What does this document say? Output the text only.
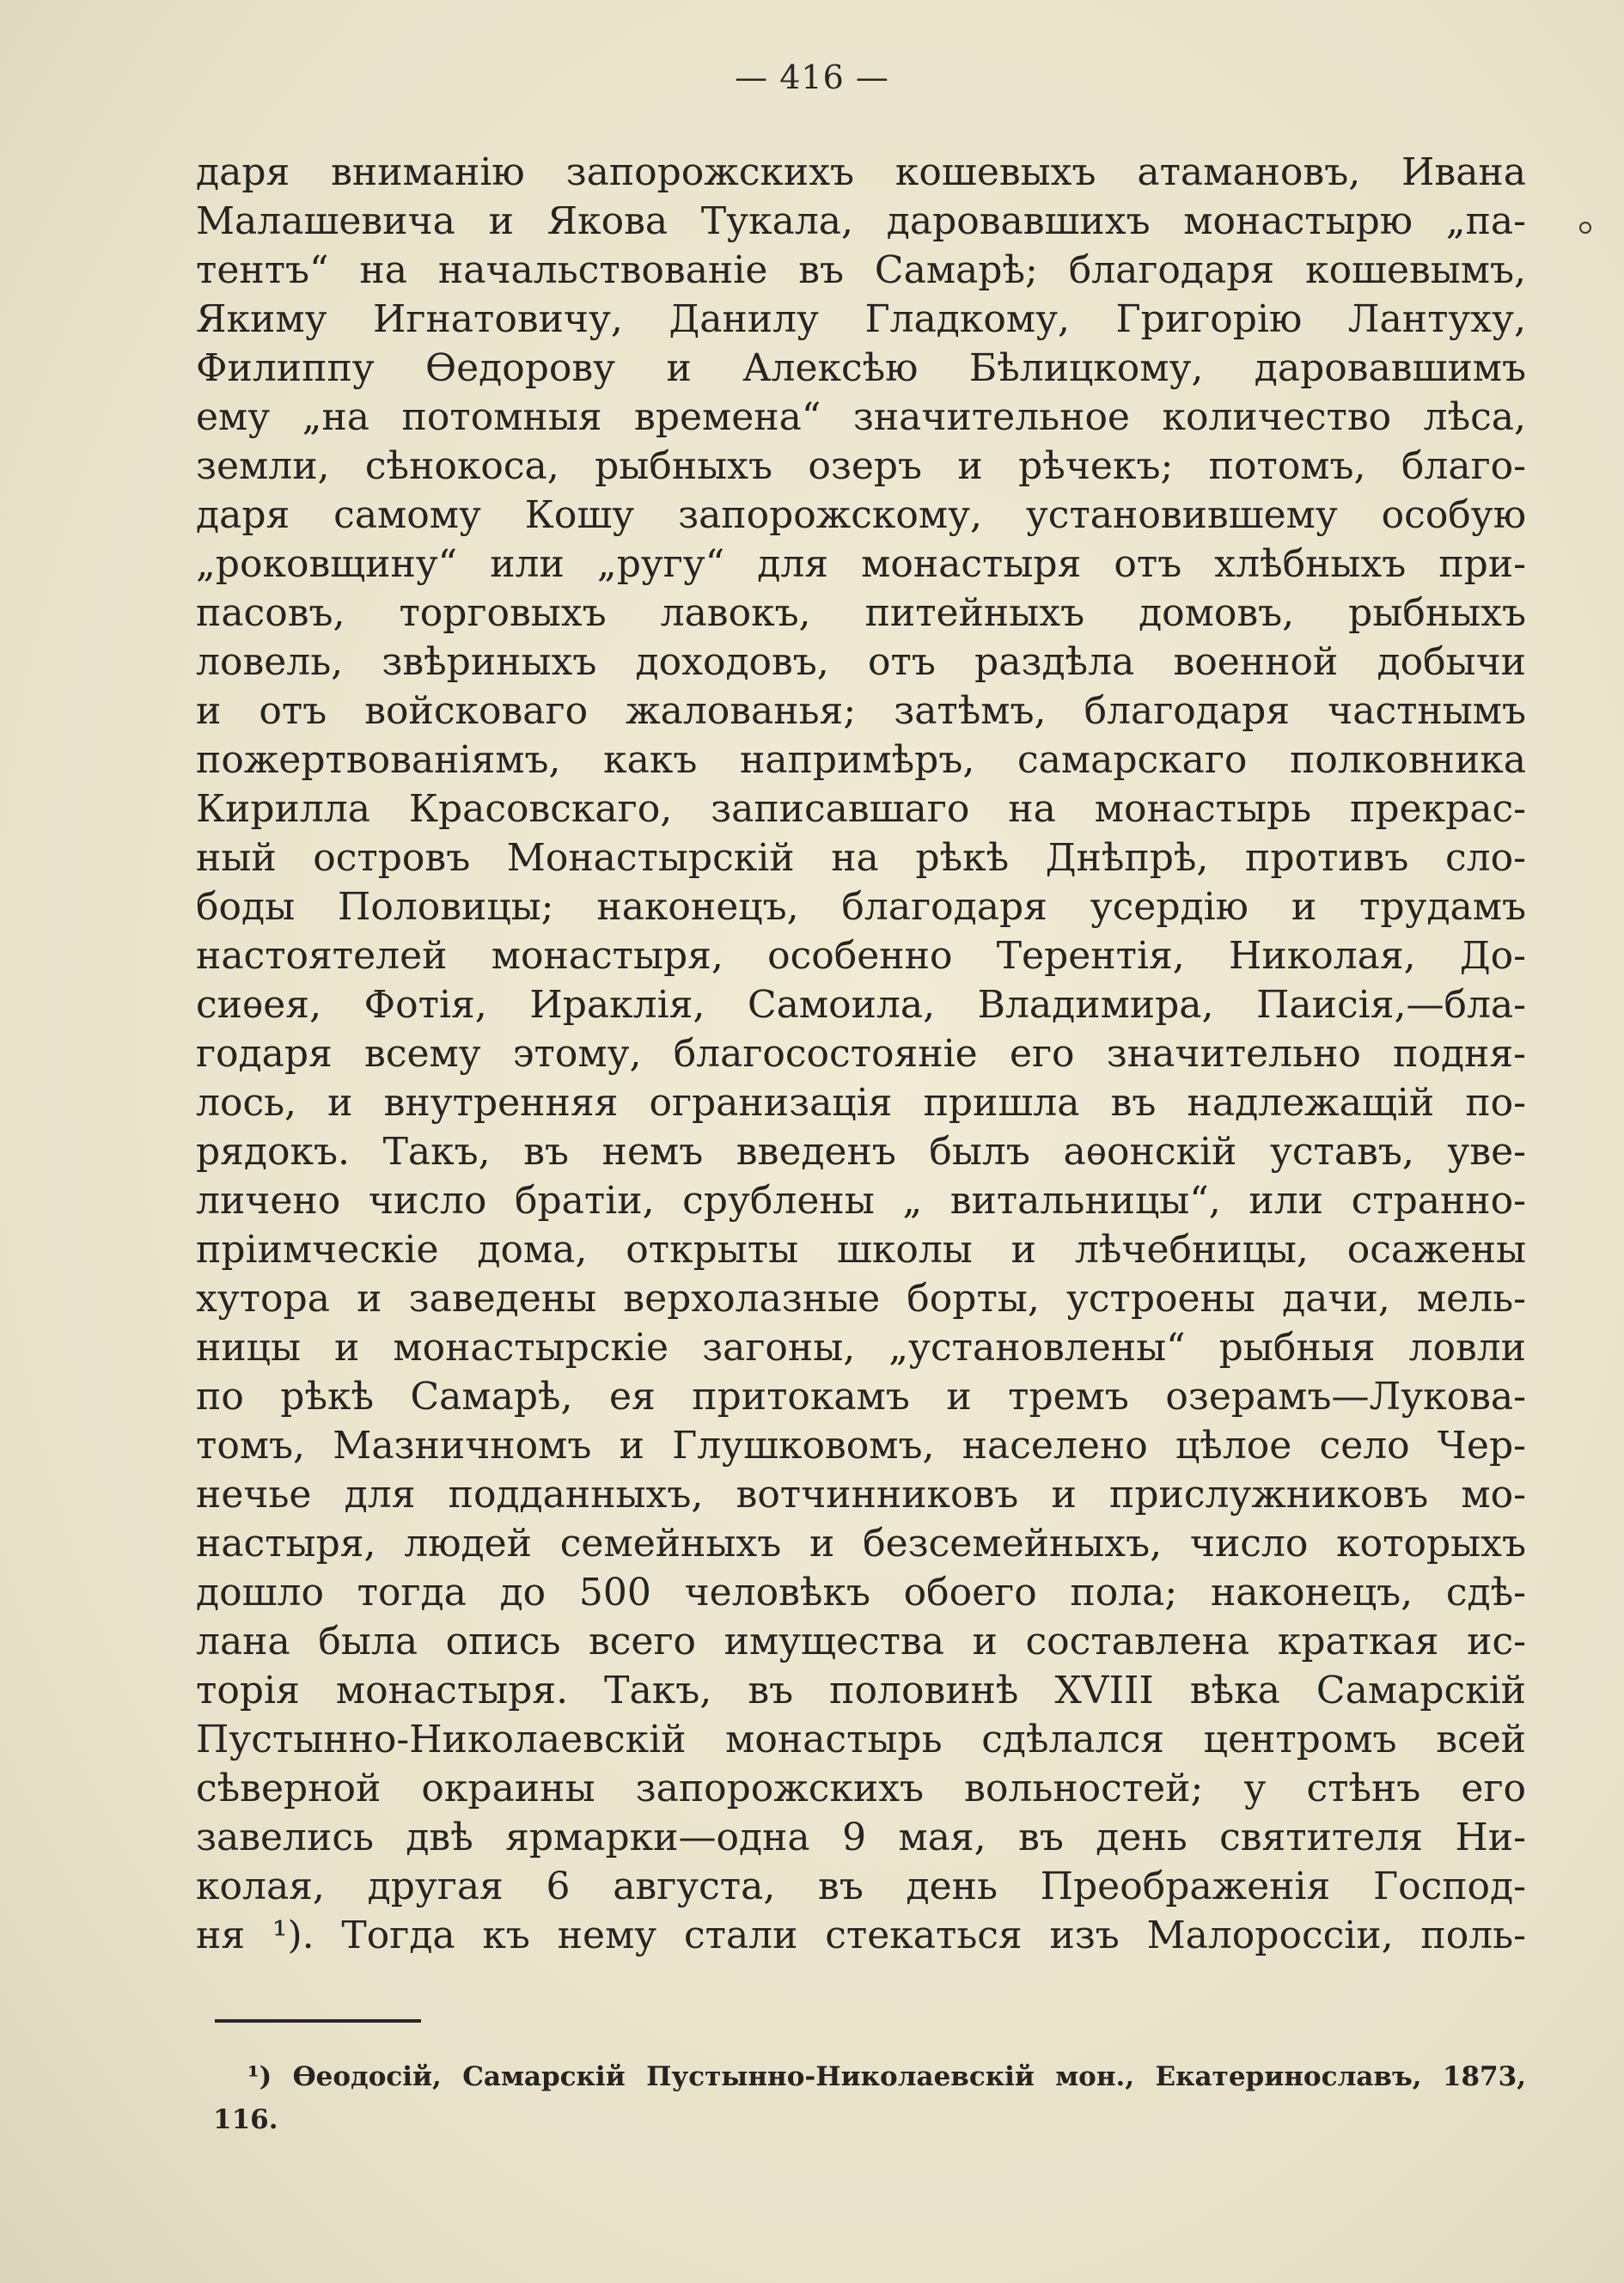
— 416 —
даря вниманію запорожскихъ кошевыхъ атамановъ, Ивана
Малашевича и Якова Тукала, даровавшихъ монастырю „па-
тентъ“ на начальствованіе въ Самарѣ; благодаря кошевымъ,
Якиму Игнатовичу, Данилу Гладкому, Григорію Лантуху,
Филиппу Ѳедорову и Алексѣю Бѣлицкому, даровавшимъ
ему „на потомныя времена“ значительное количество лѣса,
земли, сѣнокоса, рыбныхъ озеръ и рѣчекъ; потомъ, благо-
даря самому Кошу запорожскому, установившему особую
„роковщину“ или „ругу“ для монастыря отъ хлѣбныхъ при-
пасовъ, торговыхъ лавокъ, питейныхъ домовъ, рыбныхъ
ловель, звѣриныхъ доходовъ, отъ раздѣла военной добычи
и отъ войсковаго жалованья; затѣмъ, благодаря частнымъ
пожертвованіямъ, какъ напримѣръ, самарскаго полковника
Кирилла Красовскаго, записавшаго на монастырь прекрас-
ный островъ Монастырскій на рѣкѣ Днѣпрѣ, противъ сло-
боды Половицы; наконецъ, благодаря усердію и трудамъ
настоятелей монастыря, особенно Терентія, Николая, До-
сиѳея, Фотія, Ираклія, Самоила, Владимира, Паисія,—бла-
годаря всему этому, благосостояніе его значительно подня-
лось, и внутренняя огранизація пришла въ надлежащій по-
рядокъ. Такъ, въ немъ введенъ былъ аѳонскій уставъ, уве-
личено число братіи, срублены „ витальницы“, или странно-
пріимческіе дома, открыты школы и лѣчебницы, осажены
хутора и заведены верхолазные борты, устроены дачи, мель-
ницы и монастырскіе загоны, „установлены“ рыбныя ловли
по рѣкѣ Самарѣ, ея притокамъ и тремъ озерамъ—Лукова-
томъ, Мазничномъ и Глушковомъ, населено цѣлое село Чер-
нечье для подданныхъ, вотчинниковъ и прислужниковъ мо-
настыря, людей семейныхъ и безсемейныхъ, число которыхъ
дошло тогда до 500 человѣкъ обоего пола; наконецъ, сдѣ-
лана была опись всего имущества и составлена краткая ис-
торія монастыря. Такъ, въ половинѣ XVIII вѣка Самарскій
Пустынно-Николаевскій монастырь сдѣлался центромъ всей
сѣверной окраины запорожскихъ вольностей; у стѣнъ его
завелись двѣ ярмарки—одна 9 мая, въ день святителя Ни-
колая, другая 6 августа, въ день Преображенія Господ-
ня ¹). Тогда къ нему стали стекаться изъ Малороссіи, поль-
¹) Ѳеодосій, Самарскій Пустынно-Николаевскій мон., Екатеринославъ, 1873,
116.
